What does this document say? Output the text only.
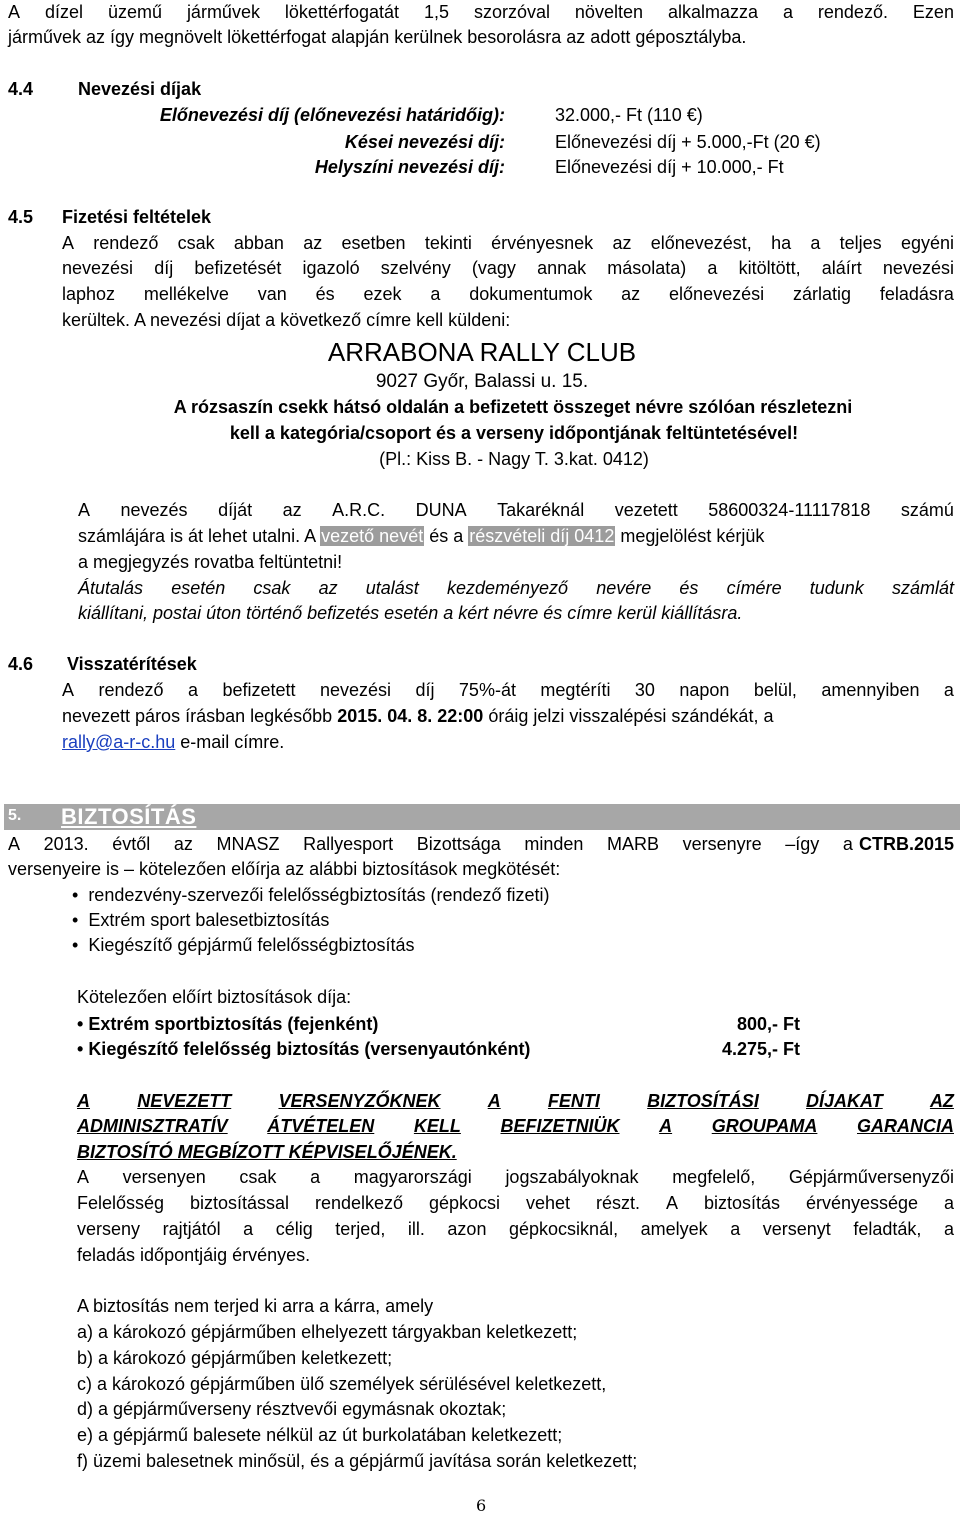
A dízel üzemű járművek lökettérfogatát 1,5 szorzóval növelten alkalmazza a rendező. Ezen
járművek az így megnövelt lökettérfogat alapján kerülnek besorolásra az adott géposztályba.
4.4 Nevezési díjak
Előnevezési díj (előnevezési határidőig):	32.000,- Ft (110 €)
Kései nevezési díj:	Előnevezési díj + 5.000,-Ft (20 €)
Helyszíni nevezési díj:	Előnevezési díj + 10.000,- Ft
4.5 Fizetési feltételek
A rendező csak abban az esetben tekinti érvényesnek az előnevezést, ha a teljes egyéni
nevezési díj befizetését igazoló szelvény (vagy annak másolata) a kitöltött, aláírt nevezési
laphoz mellékelve van és ezek a dokumentumok az előnevezési zárlatig feladásra
kerültek. A nevezési díjat a következő címre kell küldeni:
ARRABONA RALLY CLUB
9027 Győr, Balassi u. 15.
A rózsaszín csekk hátsó oldalán a befizetett összeget névre szólóan részletezni
kell a kategória/csoport és a verseny időpontjának feltüntetésével!
(Pl.: Kiss B. - Nagy T. 3.kat. 0412)
A nevezés díját az A.R.C. DUNA Takaréknál vezetett 58600324-11117818 számú
számlájára is át lehet utalni. A vezető nevét és a részvételi díj 0412 megjelölést kérjük
a megjegyzés rovatba feltüntetni!
Átutalás esetén csak az utalást kezdeményező nevére és címére tudunk számlát
kiállítani, postai úton történő befizetés esetén a kért névre és címre kerül kiállításra.
4.6 Visszatérítések
A rendező a befizetett nevezési díj 75%-át megtéríti 30 napon belül, amennyiben a
nevezett páros írásban legkésőbb 2015. 04. 8. 22:00 óráig jelzi visszalépési szándékát, a
rally@a-r-c.hu e-mail címre.
5. BIZTOSÍTÁS
A 2013. évtől az MNASZ Rallyesport Bizottsága minden MARB versenyre –így a CTRB.2015
versenyeire is – kötelezően előírja az alábbi biztosítások megkötését:
•  rendezvény-szervezői felelősségbiztosítás (rendező fizeti)
•  Extrém sport balesetbiztosítás
•  Kiegészítő gépjármű felelősségbiztosítás
Kötelezően előírt biztosítások díja:
• Extrém sportbiztosítás (fejenként)	800,- Ft
• Kiegészítő felelősség biztosítás (versenyautónként)	4.275,- Ft
A	NEVEZETT	VERSENYZŐKNEK	A	FENTI	BIZTOSÍTÁSI	DÍJAKAT	AZ
ADMINISZTRATÍV ÁTVÉTELEN KELL BEFIZETNIÜK A GROUPAMA GARANCIA
BIZTOSÍTÓ MEGBÍZOTT KÉPVISELŐJÉNEK.
A versenyen csak a magyarországi jogszabályoknak megfelelő, Gépjárműversenyzői
Felelősség biztosítással rendelkező gépkocsi vehet részt. A biztosítás érvényessége a
verseny rajtjától a célig terjed, ill. azon gépkocsiknál, amelyek a versenyt feladták, a
feladás időpontjáig érvényes.
A biztosítás nem terjed ki arra a kárra, amely
a) a károkozó gépjárműben elhelyezett tárgyakban keletkezett;
b) a károkozó gépjárműben keletkezett;
c) a károkozó gépjárműben ülő személyek sérülésével keletkezett,
d) a gépjárműverseny résztvevői egymásnak okoztak;
e) a gépjármű balesete nélkül az út burkolatában keletkezett;
f) üzemi balesetnek minősül, és a gépjármű javítása során keletkezett;
6
